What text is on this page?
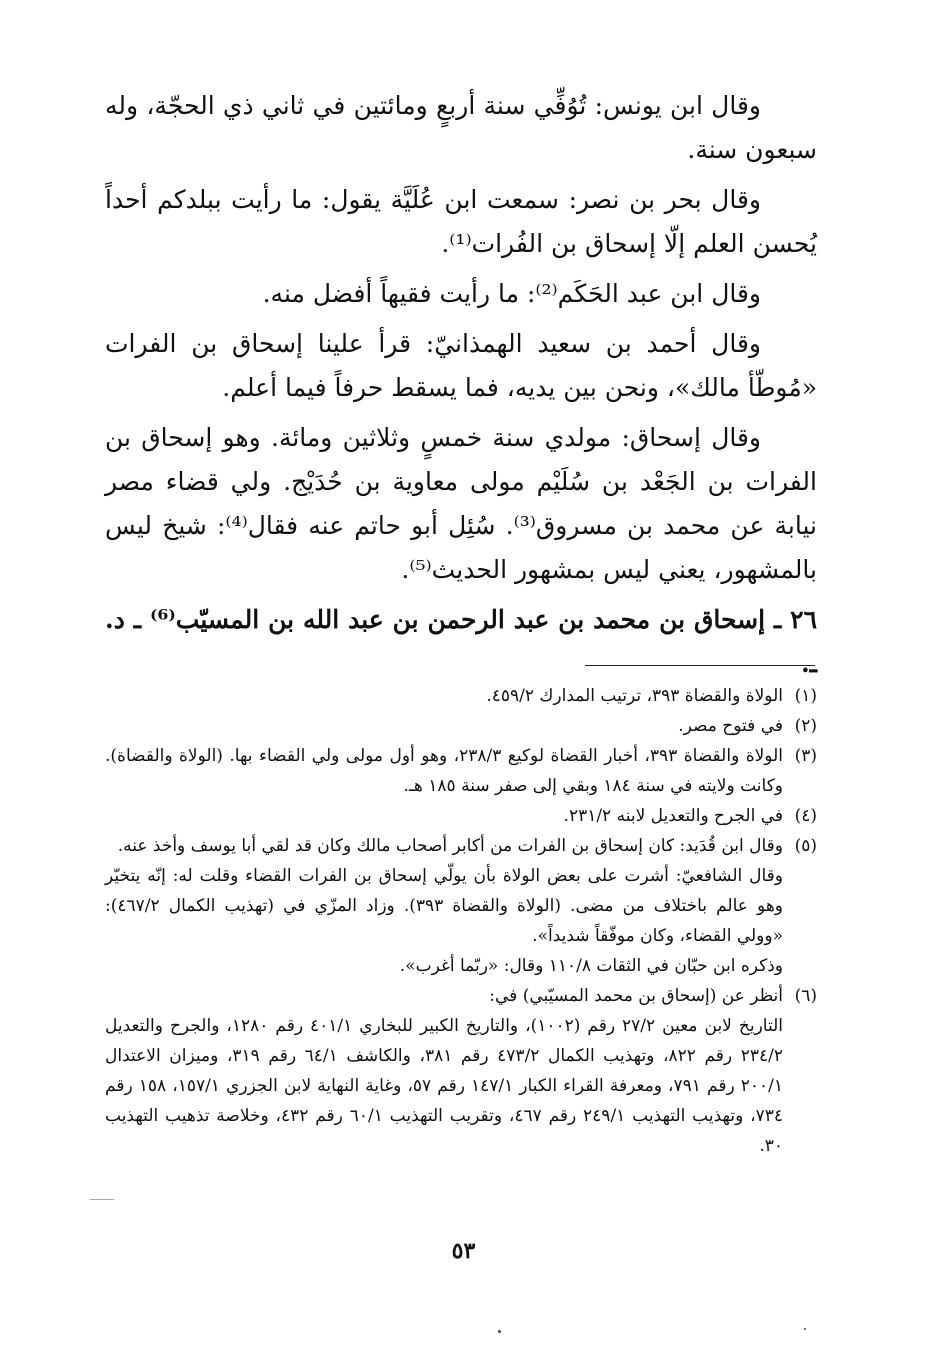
وقال ابن يونس: تُوُفِّي سنة أربعٍ ومائتين في ثاني ذي الحجّة، وله سبعون سنة.

وقال بحر بن نصر: سمعت ابن عُلَيَّة يقول: ما رأيت ببلدكم أحداً يُحسن العلم إلّا إسحاق بن الفُرات⁽¹⁾.

وقال ابن عبد الحَكَم⁽²⁾: ما رأيت فقيهاً أفضل منه.

وقال أحمد بن سعيد الهمذانيّ: قرأ علينا إسحاق بن الفرات «مُوطّأ مالك»، ونحن بين يديه، فما يسقط حرفاً فيما أعلم.

وقال إسحاق: مولدي سنة خمسٍ وثلاثين ومائة. وهو إسحاق بن الفرات بن الجَعْد بن سُلَيْم مولى معاوية بن حُدَيْج. ولي قضاء مصر نيابة عن محمد بن مسروق⁽³⁾. سُئِل أبو حاتم عنه فقال⁽⁴⁾: شيخ ليس بالمشهور، يعني ليس بمشهور الحديث⁽⁵⁾.

٢٦ ـ إسحاق بن محمد بن عبد الرحمن بن عبد الله بن المسيّب⁽⁶⁾ ـ د. ـ.

(١)
الولاة والقضاة ٣٩٣، ترتيب المدارك ٤٥٩/٢.
(٢)
في فتوح مصر.
(٣)
الولاة والقضاة ٣٩٣، أخبار القضاة لوكيع ٢٣٨/٣، وهو أول مولى ولي القضاء بها. (الولاة والقضاة). وكانت ولايته في سنة ١٨٤ وبقي إلى صفر سنة ١٨٥ هـ.
(٤)
في الجرح والتعديل لابنه ٢٣١/٢.
(٥)
وقال ابن قُدَيد: كان إسحاق بن الفرات من أكابر أصحاب مالك وكان قد لقي أبا يوسف وأخذ عنه.
وقال الشافعيّ: أشرت على بعض الولاة بأن يولّي إسحاق بن الفرات القضاء وقلت له: إنّه يتخيّر وهو عالم باختلاف من مضى. (الولاة والقضاة ٣٩٣). وزاد المزّي في (تهذيب الكمال ٤٦٧/٢): «وولي القضاء، وكان موفّقاً شديداً».
وذكره ابن حبّان في الثقات ١١٠/٨ وقال: «ربّما أغرب».
(٦)
أنظر عن (إسحاق بن محمد المسيّبي) في:
التاريخ لابن معين ٢٧/٢ رقم (١٠٠٢)، والتاريخ الكبير للبخاري ٤٠١/١ رقم ١٢٨٠، والجرح والتعديل ٢٣٤/٢ رقم ٨٢٢، وتهذيب الكمال ٤٧٣/٢ رقم ٣٨١، والكاشف ٦٤/١ رقم ٣١٩، وميزان الاعتدال ٢٠٠/١ رقم ٧٩١، ومعرفة القراء الكبار ١٤٧/١ رقم ٥٧، وغاية النهاية لابن الجزري ١٥٧/١، ١٥٨ رقم ٧٣٤، وتهذيب التهذيب ٢٤٩/١ رقم ٤٦٧، وتقريب التهذيب ٦٠/١ رقم ٤٣٢، وخلاصة تذهيب التهذيب ٣٠.
٥٣
